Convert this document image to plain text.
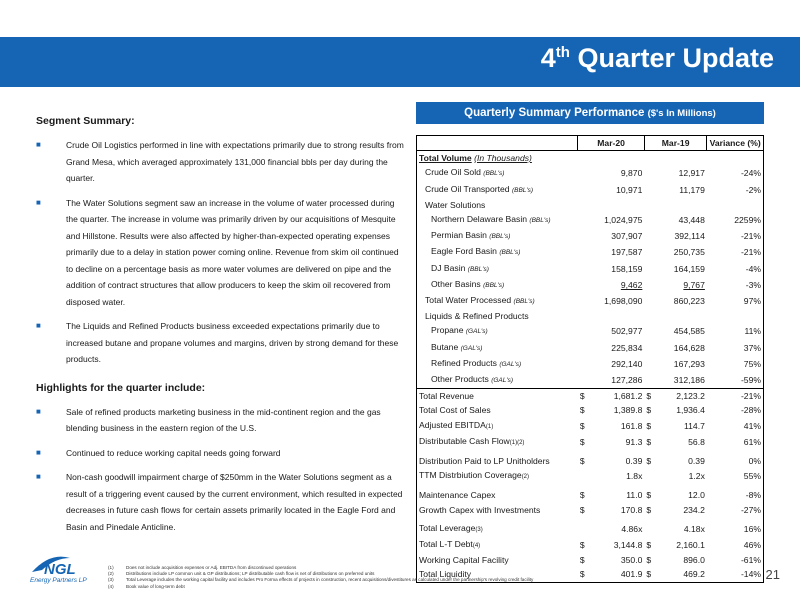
4th Quarter Update
Segment Summary:
■	Crude Oil Logistics performed in line with expectations primarily due to strong results from Grand Mesa, which averaged approximately 131,000 financial bbls per day during the quarter.
■	The Water Solutions segment saw an increase in the volume of water processed during the quarter. The increase in volume was primarily driven by our acquisitions of Mesquite and Hillstone. Results were also affected by higher-than-expected operating expenses primarily due to a delay in station power coming online. Revenue from skim oil continued to decline on a percentage basis as more water volumes are delivered on pipe and the addition of contract structures that allow producers to keep the skim oil recovered from disposed water.
■	The Liquids and Refined Products business exceeded expectations primarily due to increased butane and propane volumes and margins, driven by strong demand for these products.
Highlights for the quarter include:
■	Sale of refined products marketing business in the mid-continent region and the gas blending business in the eastern region of the U.S.
■	Continued to reduce working capital needs going forward
■	Non-cash goodwill impairment charge of $250mm in the Water Solutions segment as a result of a triggering event caused by the current environment, which resulted in expected decreases in future cash flows for certain assets primarily located in the Eagle Ford and Basin and Pinedale Anticline.
Quarterly Summary Performance ($'s In Millions)
	Mar-20		Mar-19		Variance (%)
Total Volume (In Thousands)					
Crude Oil Sold (BBL's)		9,870		12,917	-24%
Crude Oil Transported (BBL's)		10,971		11,179	-2%
Water Solutions					
Northern Delaware Basin (BBL's)		1,024,975		43,448	2259%
Permian Basin (BBL's)		307,907		392,114	-21%
Eagle Ford Basin (BBL's)		197,587		250,735	-21%
DJ Basin (BBL's)		158,159		164,159	-4%
Other Basins (BBL's)		9,462		9,767	-3%
Total Water Processed (BBL's)		1,698,090		860,223	97%
Liquids & Refined Products					
Propane (GAL's)		502,977		454,585	11%
Butane (GAL's)		225,834		164,628	37%
Refined Products (GAL's)		292,140		167,293	75%
Other Products (GAL's)		127,286		312,186	-59%
Total Revenue	$	1,681.2	$	2,123.2	-21%
Total Cost of Sales	$	1,389.8	$	1,936.4	-28%
Adjusted EBITDA(1)	$	161.8	$	114.7	41%
Distributable Cash Flow(1)(2)	$	91.3	$	56.8	61%
Distribution Paid to LP Unitholders	$	0.39	$	0.39	0%
TTM Distrbiution Coverage(2)		1.8x		1.2x	55%
Maintenance Capex	$	11.0	$	12.0	-8%
Growth Capex with Investments	$	170.8	$	234.2	-27%
Total Leverage(3)		4.86x		4.18x	16%
Total L-T Debt(4)	$	3,144.8	$	2,160.1	46%
Working Capital Facility	$	350.0	$	896.0	-61%
Total Liquidity	$	401.9	$	469.2	-14%
NGL
Energy Partners LP
(1)	Does not include acquisition expenses or Adj. EBITDA from discontinued operations
(2)	Distributions include LP common unit & GP distributions; LP distributable cash flow is net of distributions on preferred units
(3)	Total Leverage includes the working capital facility and includes Pro Forma effects of projects in construction, recent acquisitions/divestitures as calculated under the partnership's revolving credit facility
(4)	Book value of long-term debt
21
